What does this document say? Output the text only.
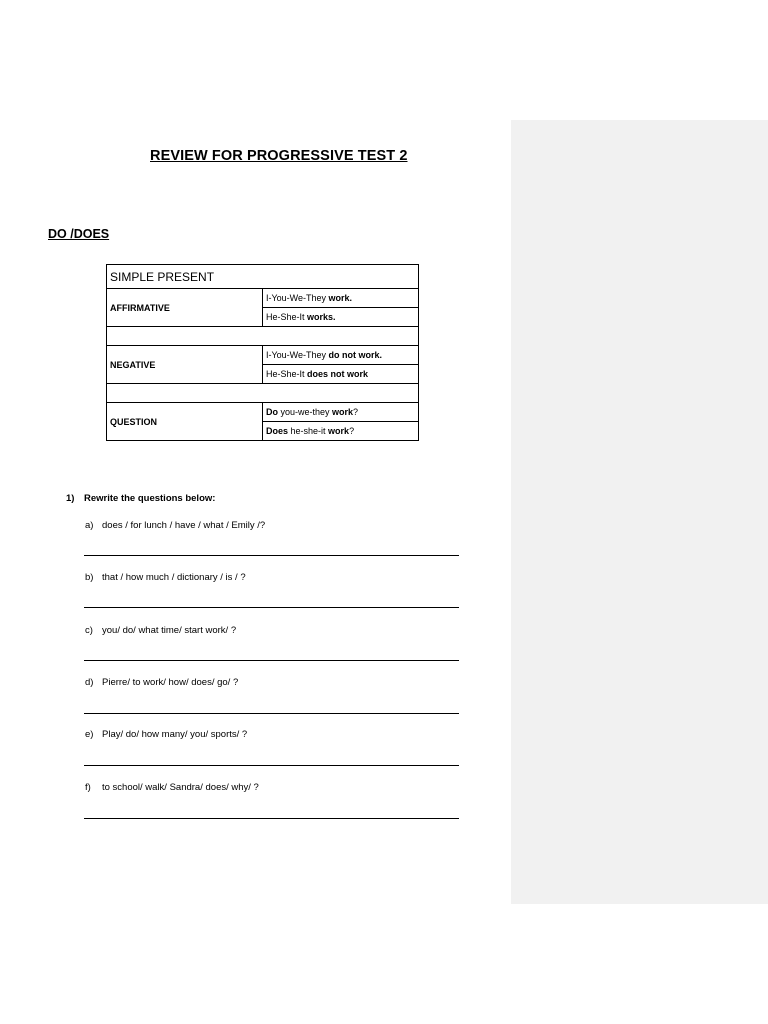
REVIEW FOR PROGRESSIVE TEST 2
DO /DOES
SIMPLE PRESENT	
AFFIRMATIVE	I-You-We-They work.
	He-She-It works.

NEGATIVE	I-You-We-They do not work.
	He-She-It does not work

QUESTION	Do you-we-they work?
	Does he-she-it work?
1) Rewrite the questions below:
a) does / for lunch / have / what / Emily /?
b) that / how much / dictionary / is / ?
c) you/ do/ what time/ start work/ ?
d) Pierre/ to work/ how/ does/ go/ ?
e) Play/ do/ how many/ you/ sports/ ?
f) to school/ walk/ Sandra/ does/ why/ ?
